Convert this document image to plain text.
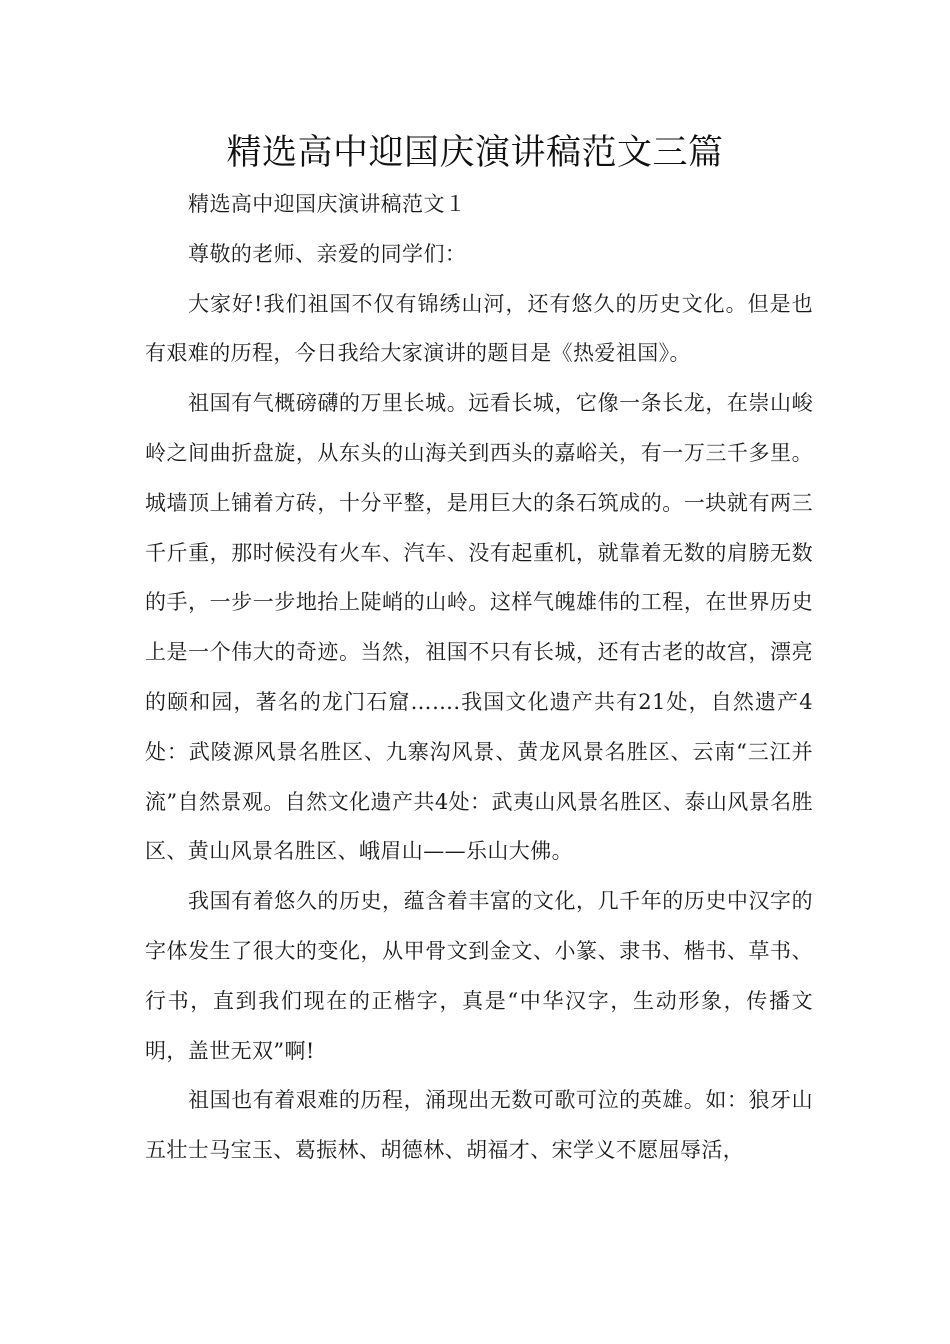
精选高中迎国庆演讲稿范文三篇

精选高中迎国庆演讲稿范文１

尊敬的老师、亲爱的同学们：

大家好!我们祖国不仅有锦绣山河，还有悠久的历史文化。但是也有艰难的历程，今日我给大家演讲的题目是《热爱祖国》。

祖国有气概磅礴的万里长城。远看长城，它像一条长龙，在崇山峻岭之间曲折盘旋，从东头的山海关到西头的嘉峪关，有一万三千多里。城墙顶上铺着方砖，十分平整，是用巨大的条石筑成的。一块就有两三千斤重，那时候没有火车、汽车、没有起重机，就靠着无数的肩膀无数的手，一步一步地抬上陡峭的山岭。这样气魄雄伟的工程，在世界历史上是一个伟大的奇迹。当然，祖国不只有长城，还有古老的故宫，漂亮的颐和园，著名的龙门石窟…….我国文化遗产共有21处，自然遗产4处：武陵源风景名胜区、九寨沟风景、黄龙风景名胜区、云南“三江并流”自然景观。自然文化遗产共4处：武夷山风景名胜区、泰山风景名胜区、黄山风景名胜区、峨眉山——乐山大佛。

我国有着悠久的历史，蕴含着丰富的文化，几千年的历史中汉字的字体发生了很大的变化，从甲骨文到金文、小篆、隶书、楷书、草书、行书，直到我们现在的正楷字，真是“中华汉字，生动形象，传播文明，盖世无双”啊!

祖国也有着艰难的历程，涌现出无数可歌可泣的英雄。如：狼牙山五壮士马宝玉、葛振林、胡德林、胡福才、宋学义不愿屈辱活，
